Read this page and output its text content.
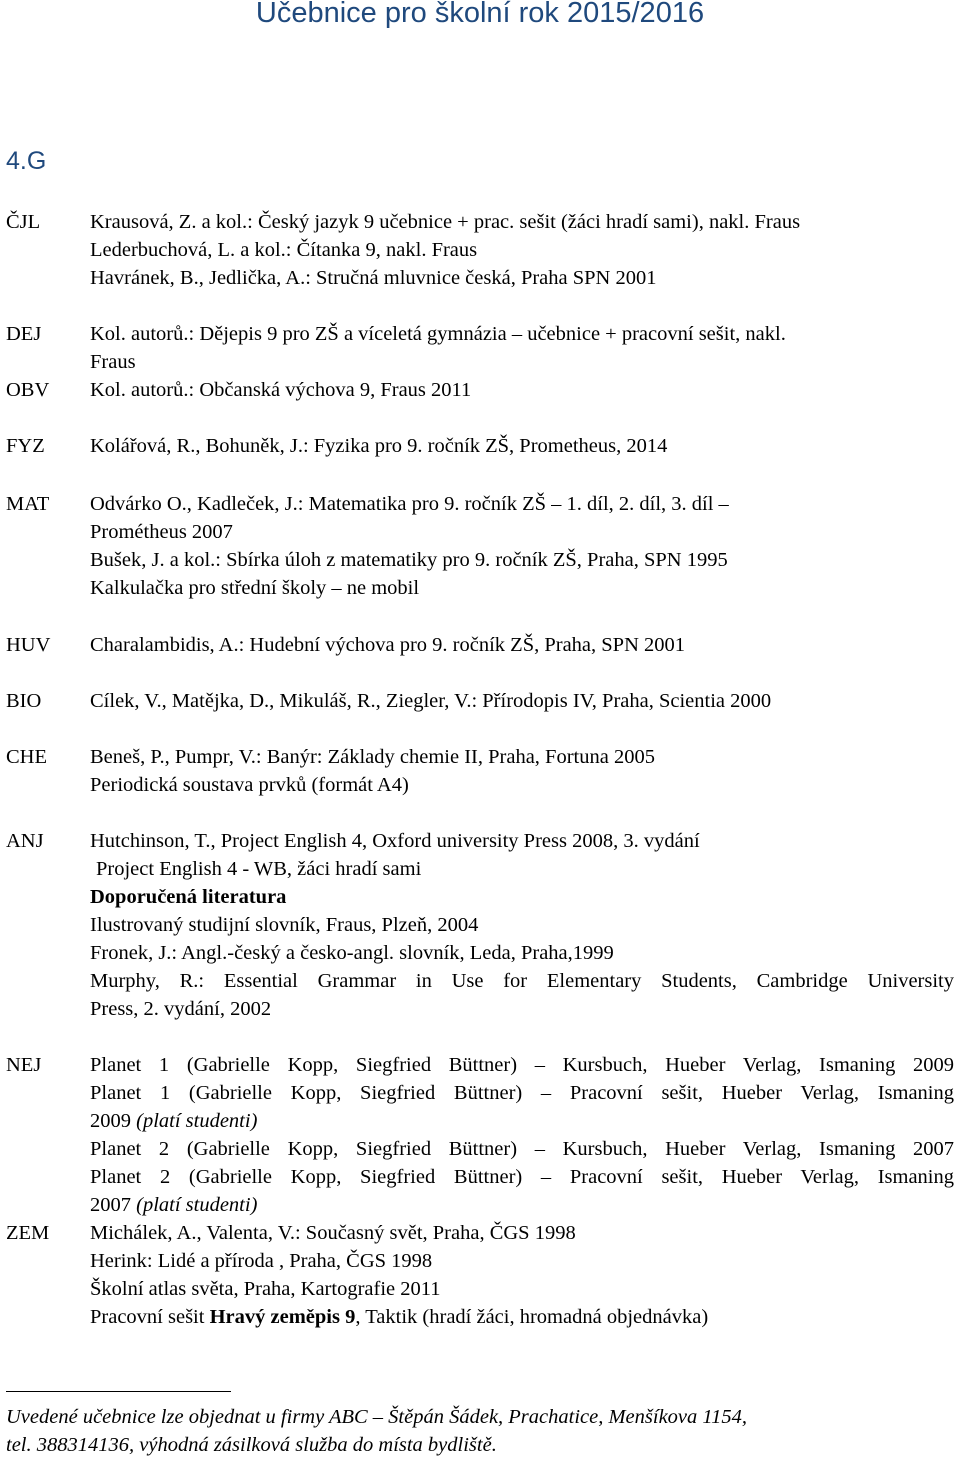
Učebnice pro školní rok 2015/2016
4.G
ČJL Krausová, Z. a kol.: Český jazyk 9 učebnice + prac. sešit (žáci hradí sami), nakl. Fraus
Lederbuchová, L. a kol.: Čítanka 9, nakl. Fraus
Havránek, B., Jedlička, A.: Stručná mluvnice česká, Praha SPN 2001
DEJ Kol. autorů.: Dějepis 9 pro ZŠ a víceletá gymnázia – učebnice + pracovní sešit, nakl.
Fraus
OBV Kol. autorů.: Občanská výchova 9, Fraus 2011
FYZ Kolářová, R., Bohuněk, J.: Fyzika pro 9. ročník ZŠ, Prometheus, 2014
MAT Odvárko O., Kadleček, J.: Matematika pro 9. ročník ZŠ – 1. díl, 2. díl, 3. díl –
Prométheus 2007
Bušek, J. a kol.: Sbírka úloh z matematiky pro 9. ročník ZŠ, Praha, SPN 1995
Kalkulačka pro střední školy – ne mobil
HUV Charalambidis, A.: Hudební výchova pro 9. ročník ZŠ, Praha, SPN 2001
BIO Cílek, V., Matějka, D., Mikuláš, R., Ziegler, V.: Přírodopis IV, Praha, Scientia 2000
CHE Beneš, P., Pumpr, V.: Banýr: Základy chemie II, Praha, Fortuna 2005
Periodická soustava prvků (formát A4)
ANJ Hutchinson, T., Project English 4, Oxford university Press 2008, 3. vydání
Project English 4 - WB, žáci hradí sami
Doporučená literatura
Ilustrovaný studijní slovník, Fraus, Plzeň, 2004
Fronek, J.: Angl.-český a česko-angl. slovník, Leda, Praha,1999
Murphy, R.: Essential Grammar in Use for Elementary Students, Cambridge University
Press, 2. vydání, 2002
NEJ Planet 1 (Gabrielle Kopp, Siegfried Büttner) – Kursbuch, Hueber Verlag, Ismaning 2009
Planet 1 (Gabrielle Kopp, Siegfried Büttner) – Pracovní sešit, Hueber Verlag, Ismaning
2009 (platí studenti)
Planet 2 (Gabrielle Kopp, Siegfried Büttner) – Kursbuch, Hueber Verlag, Ismaning 2007
Planet 2 (Gabrielle Kopp, Siegfried Büttner) – Pracovní sešit, Hueber Verlag, Ismaning
2007 (platí studenti)
ZEM Michálek, A., Valenta, V.: Současný svět, Praha, ČGS 1998
Herink: Lidé a příroda , Praha, ČGS 1998
Školní atlas světa, Praha, Kartografie 2011
Pracovní sešit Hravý zeměpis 9, Taktik (hradí žáci, hromadná objednávka)
Uvedené učebnice lze objednat u firmy ABC – Štěpán Šádek, Prachatice, Menšíkova 1154,
tel. 388314136, výhodná zásilková služba do místa bydliště.
